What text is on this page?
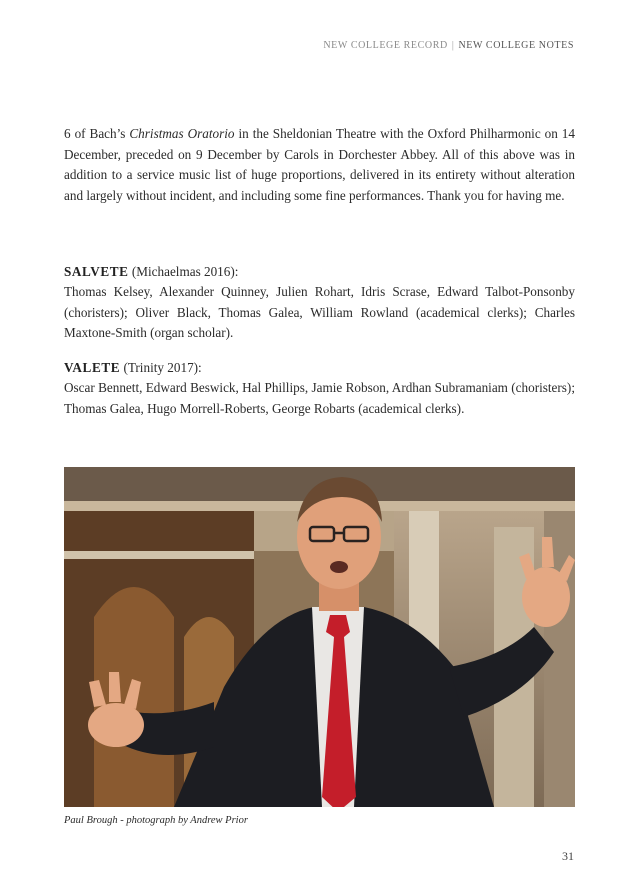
NEW COLLEGE RECORD | NEW COLLEGE NOTES

6 of Bach’s Christmas Oratorio in the Sheldonian Theatre with the Oxford Philharmonic on 14 December, preceded on 9 December by Carols in Dorchester Abbey. All of this above was in addition to a service music list of huge proportions, delivered in its entirety without alteration and largely without incident, and including some fine performances. Thank you for having me.

SALVETE (Michaelmas 2016):

Thomas Kelsey, Alexander Quinney, Julien Rohart, Idris Scrase, Edward Talbot-Ponsonby (choristers); Oliver Black, Thomas Galea, William Rowland (academical clerks); Charles Maxtone-Smith (organ scholar).

VALETE (Trinity 2017):

Oscar Bennett, Edward Beswick, Hal Phillips, Jamie Robson, Ardhan Subramaniam (choristers); Thomas Galea, Hugo Morrell-Roberts, George Robarts (academical clerks).

Paul Brough - photograph by Andrew Prior
31
